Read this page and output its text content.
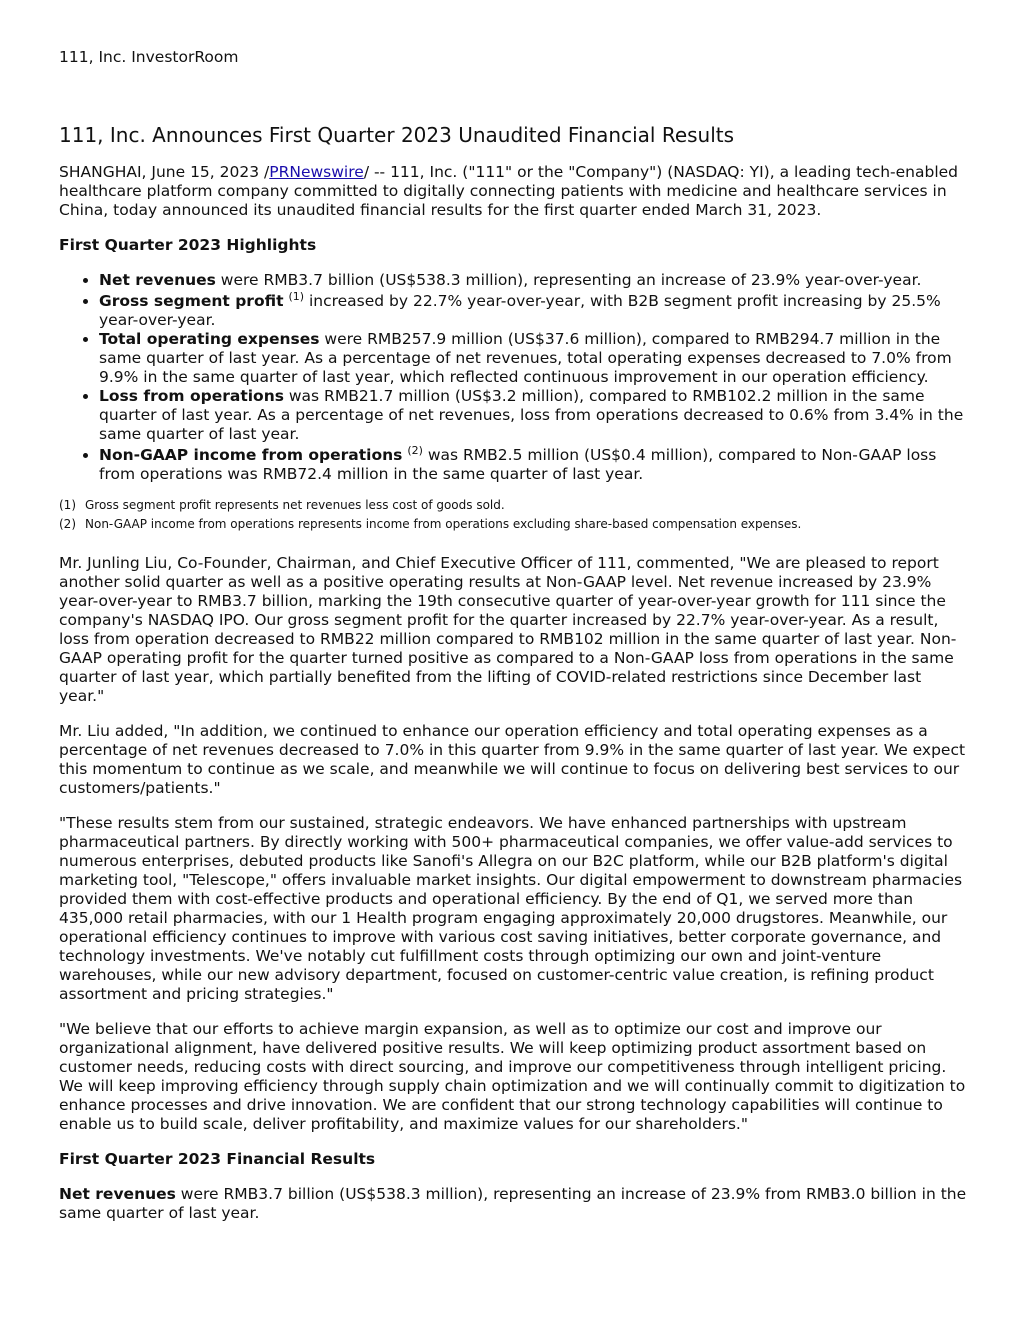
111, Inc. InvestorRoom
111, Inc. Announces First Quarter 2023 Unaudited Financial Results

SHANGHAI, June 15, 2023 /PRNewswire/ -- 111, Inc. ("111" or the "Company") (NASDAQ: YI), a leading tech-enabled healthcare platform company committed to digitally connecting patients with medicine and healthcare services in China, today announced its unaudited financial results for the first quarter ended March 31, 2023.

First Quarter 2023 Highlights
• Net revenues were RMB3.7 billion (US$538.3 million), representing an increase of 23.9% year-over-year.
• Gross segment profit $^{(1)}$ increased by 22.7% year-over-year, with B2B segment profit increasing by 25.5% year-over-year.
• Total operating expenses were RMB257.9 million (US$37.6 million), compared to RMB294.7 million in the same quarter of last year. As a percentage of net revenues, total operating expenses decreased to 7.0% from 9.9% in the same quarter of last year, which reflected continuous improvement in our operation efficiency.
• Loss from operations was RMB21.7 million (US$3.2 million), compared to RMB102.2 million in the same quarter of last year. As a percentage of net revenues, loss from operations decreased to 0.6% from 3.4% in the same quarter of last year.
• Non-GAAP income from operations $^{(2)}$ was RMB2.5 million (US$0.4 million), compared to Non-GAAP loss from operations was RMB72.4 million in the same quarter of last year.
(1) Gross segment profit represents net revenues less cost of goods sold.
(2) Non-GAAP income from operations represents income from operations excluding share-based compensation expenses.

Mr. Junling Liu, Co-Founder, Chairman, and Chief Executive Officer of 111, commented, "We are pleased to report another solid quarter as well as a positive operating results at Non-GAAP level. Net revenue increased by 23.9% year-over-year to RMB3.7 billion, marking the 19th consecutive quarter of year-over-year growth for 111 since the company's NASDAQ IPO. Our gross segment profit for the quarter increased by 22.7% year-over-year. As a result, loss from operation decreased to RMB22 million compared to RMB102 million in the same quarter of last year. Non-GAAP operating profit for the quarter turned positive as compared to a Non-GAAP loss from operations in the same quarter of last year, which partially benefited from the lifting of COVID-related restrictions since December last year."

Mr. Liu added, "In addition, we continued to enhance our operation efficiency and total operating expenses as a percentage of net revenues decreased to 7.0% in this quarter from 9.9% in the same quarter of last year. We expect this momentum to continue as we scale, and meanwhile we will continue to focus on delivering best services to our customers/patients."

"These results stem from our sustained, strategic endeavors. We have enhanced partnerships with upstream pharmaceutical partners. By directly working with 500+ pharmaceutical companies, we offer value-add services to numerous enterprises, debuted products like Sanofi's Allegra on our B2C platform, while our B2B platform's digital marketing tool, "Telescope," offers invaluable market insights. Our digital empowerment to downstream pharmacies provided them with cost-effective products and operational efficiency. By the end of Q1, we served more than 435,000 retail pharmacies, with our 1 Health program engaging approximately 20,000 drugstores. Meanwhile, our operational efficiency continues to improve with various cost saving initiatives, better corporate governance, and technology investments. We've notably cut fulfillment costs through optimizing our own and joint-venture warehouses, while our new advisory department, focused on customer-centric value creation, is refining product assortment and pricing strategies."

"We believe that our efforts to achieve margin expansion, as well as to optimize our cost and improve our organizational alignment, have delivered positive results. We will keep optimizing product assortment based on customer needs, reducing costs with direct sourcing, and improve our competitiveness through intelligent pricing. We will keep improving efficiency through supply chain optimization and we will continually commit to digitization to enhance processes and drive innovation. We are confident that our strong technology capabilities will continue to enable us to build scale, deliver profitability, and maximize values for our shareholders."

First Quarter 2023 Financial Results

Net revenues were RMB3.7 billion (US$538.3 million), representing an increase of 23.9% from RMB3.0 billion in the same quarter of last year.
